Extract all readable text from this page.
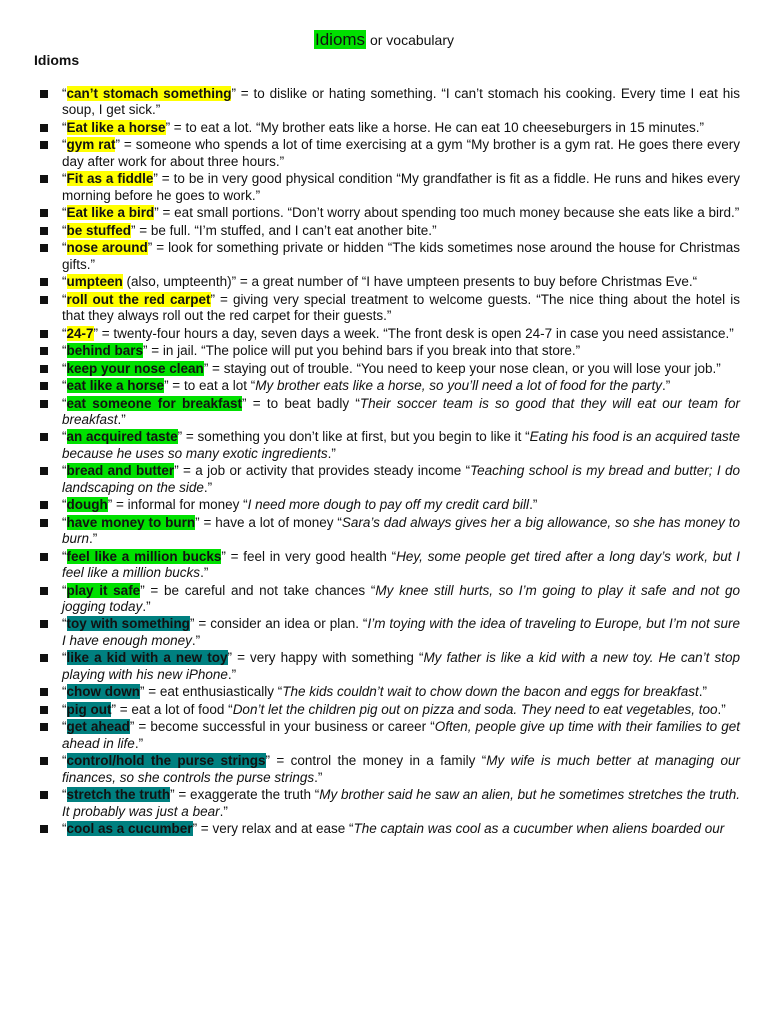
Idioms or vocabulary
Idioms
“can’t stomach something” = to dislike or hating something. “I can’t stomach his cooking. Every time I eat his soup, I get sick.”
“Eat like a horse” = to eat a lot. “My brother eats like a horse. He can eat 10 cheeseburgers in 15 minutes.”
“gym rat” = someone who spends a lot of time exercising at a gym “My brother is a gym rat. He goes there every day after work for about three hours.”
“Fit as a fiddle” = to be in very good physical condition “My grandfather is fit as a fiddle. He runs and hikes every morning before he goes to work.”
“Eat like a bird” = eat small portions. “Don’t worry about spending too much money because she eats like a bird.”
“be stuffed” = be full. “I’m stuffed, and I can’t eat another bite.”
“nose around” = look for something private or hidden “The kids sometimes nose around the house for Christmas gifts.”
“umpteen (also, umpteenth)” = a great number of “I have umpteen presents to buy before Christmas Eve.“
“roll out the red carpet” = giving very special treatment to welcome guests. “The nice thing about the hotel is that they always roll out the red carpet for their guests.”
“24-7” = twenty-four hours a day, seven days a week. “The front desk is open 24-7 in case you need assistance.”
“behind bars” = in jail. “The police will put you behind bars if you break into that store.”
“keep your nose clean” = staying out of trouble. “You need to keep your nose clean, or you will lose your job.”
“eat like a horse” = to eat a lot “My brother eats like a horse, so you’ll need a lot of food for the party.”
“eat someone for breakfast” = to beat badly “Their soccer team is so good that they will eat our team for breakfast.”
“an acquired taste” = something you don’t like at first, but you begin to like it “Eating his food is an acquired taste because he uses so many exotic ingredients.”
“bread and butter” = a job or activity that provides steady income “Teaching school is my bread and butter; I do landscaping on the side.”
“dough” = informal for money “I need more dough to pay off my credit card bill.”
“have money to burn” = have a lot of money “Sara’s dad always gives her a big allowance, so she has money to burn.”
“feel like a million bucks” = feel in very good health “Hey, some people get tired after a long day’s work, but I feel like a million bucks.”
“play it safe” = be careful and not take chances “My knee still hurts, so I’m going to play it safe and not go jogging today.”
“toy with something” = consider an idea or plan. “I’m toying with the idea of traveling to Europe, but I’m not sure I have enough money.”
“like a kid with a new toy” = very happy with something “My father is like a kid with a new toy. He can’t stop playing with his new iPhone.”
“chow down” = eat enthusiastically “The kids couldn’t wait to chow down the bacon and eggs for breakfast.”
“pig out” = eat a lot of food “Don’t let the children pig out on pizza and soda. They need to eat vegetables, too.”
“get ahead” = become successful in your business or career “Often, people give up time with their families to get ahead in life.”
“control/hold the purse strings” = control the money in a family “My wife is much better at managing our finances, so she controls the purse strings.”
“stretch the truth” = exaggerate the truth “My brother said he saw an alien, but he sometimes stretches the truth. It probably was just a bear.”
“cool as a cucumber” = very relax and at ease “The captain was cool as a cucumber when aliens boarded our
